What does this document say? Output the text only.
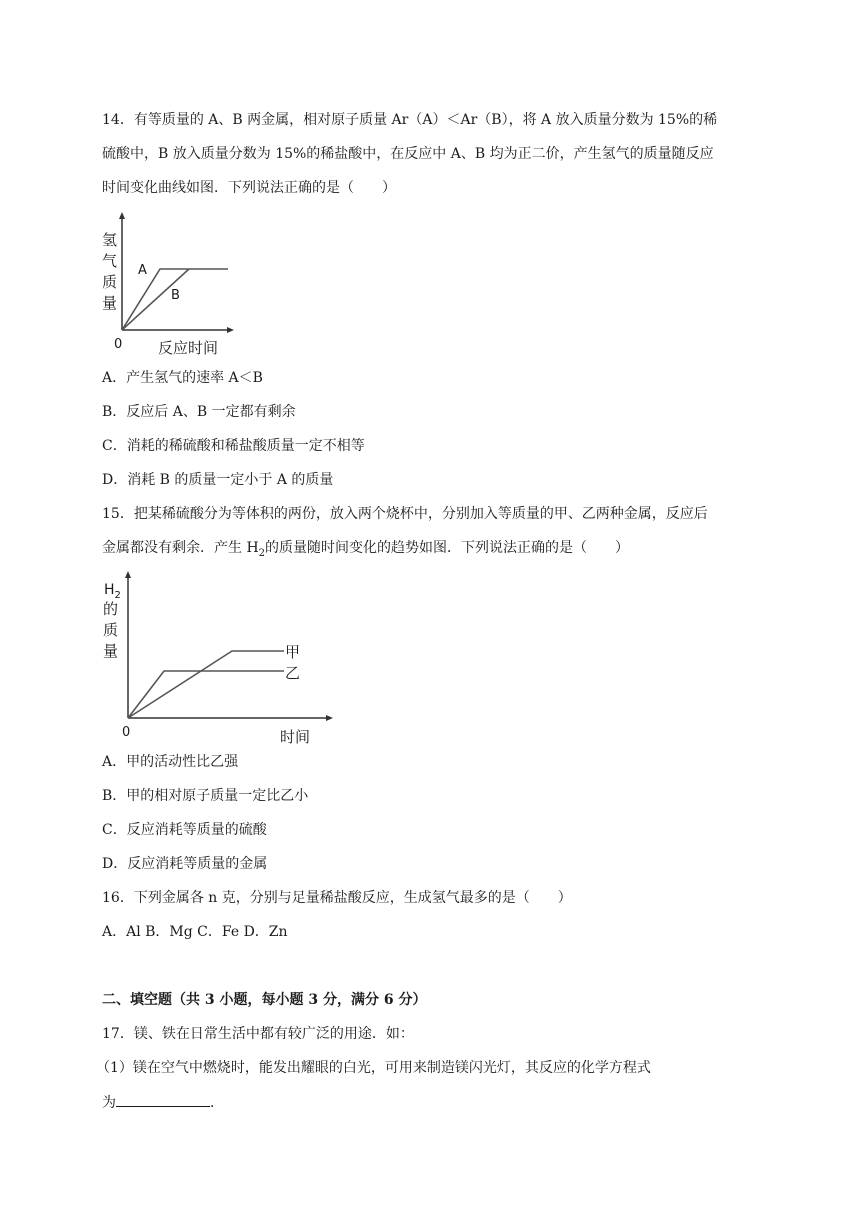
14．有等质量的 A、B 两金属，相对原子质量 Ar（A）＜Ar（B），将 A 放入质量分数为 15%的稀
硫酸中，B 放入质量分数为 15%的稀盐酸中，在反应中 A、B 均为正二价，产生氢气的质量随反应
时间变化曲线如图．下列说法正确的是（　　）
氢
气
质
量
0 反应时间
A
B
A．产生氢气的速率 A＜B
B．反应后 A、B 一定都有剩余
C．消耗的稀硫酸和稀盐酸质量一定不相等
D．消耗 B 的质量一定小于 A 的质量
15．把某稀硫酸分为等体积的两份，放入两个烧杯中，分别加入等质量的甲、乙两种金属，反应后
金属都没有剩余．产生 $H_2$的质量随时间变化的趋势如图．下列说法正确的是（　　）
$H_2$
的
质
量
0	时间
甲
乙
A．甲的活动性比乙强
B．甲的相对原子质量一定比乙小
C．反应消耗等质量的硫酸
D．反应消耗等质量的金属
16．下列金属各 n 克，分别与足量稀盐酸反应，生成氢气最多的是（　　）
A．Al B．Mg C．Fe D．Zn
二、填空题（共 3 小题，每小题 3 分，满分 6 分）
17．镁、铁在日常生活中都有较广泛的用途．如：
（1）镁在空气中燃烧时，能发出耀眼的白光，可用来制造镁闪光灯，其反应的化学方程式
为	．
